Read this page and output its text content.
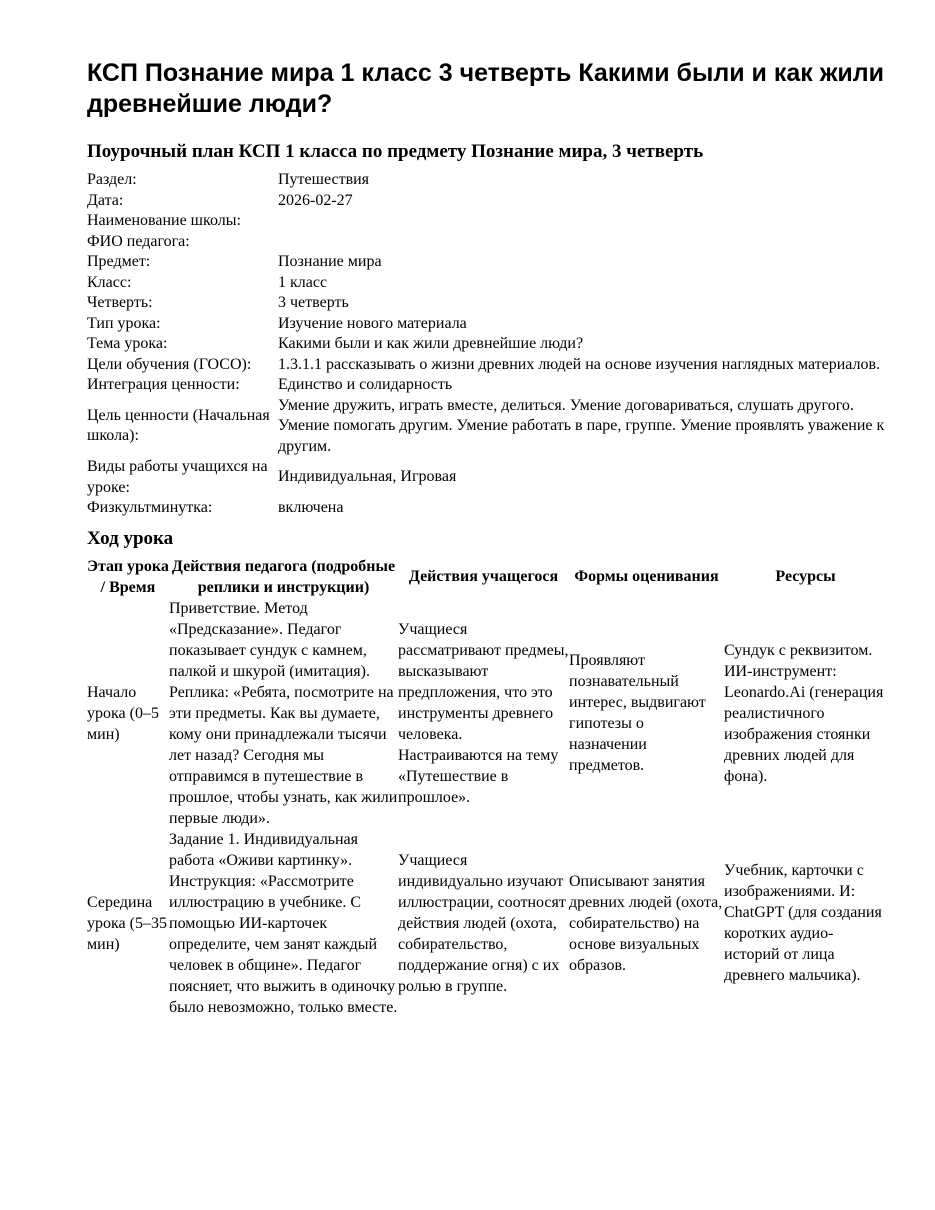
КСП Познание мира 1 класс 3 четверть Какими были и как жили древнейшие люди?
Поурочный план КСП 1 класса по предмету Познание мира, 3 четверть
Раздел:	Путешествия
Дата:	2026-02-27
Наименование школы:	
ФИО педагога:	
Предмет:	Познание мира
Класс:	1 класс
Четверть:	3 четверть
Тип урока:	Изучение нового материала
Тема урока:	Какими были и как жили древнейшие люди?
Цели обучения (ГОСО):	1.3.1.1 рассказывать о жизни древних людей на основе изучения наглядных материалов.
Интеграция ценности:	Единство и солидарность
Цель ценности (Начальная школа):	Умение дружить, играть вместе, делиться. Умение договариваться, слушать другого. Умение помогать другим. Умение работать в паре, группе. Умение проявлять уважение к другим.
Виды работы учащихся на уроке:	Индивидуальная, Игровая
Физкультминутка:	включена
Ход урока
Этап урока / Время	Действия педагога (подробные реплики и инструкции)	Действия учащегося	Формы оценивания	Ресурсы
Начало урока (0–5 мин)	Приветствие. Метод «Предсказание». Педагог показывает сундук с камнем, палкой и шкурой (имитация). Реплика: «Ребята, посмотрите на эти предметы. Как вы думаете, кому они принадлежали тысячи лет назад? Сегодня мы отправимся в путешествие в прошлое, чтобы узнать, как жили первые люди».	Учащиеся рассматривают предмеы, высказывают предпложения, что это инструменты древнего человека. Настраиваются на тему «Путешествие в прошлое».	Проявляют познавательный интерес, выдвигают гипотезы о назначении предметов.	Сундук с реквизитом. ИИ-инструмент: Leonardo.Ai (генерация реалистичного изображения стоянки древних людей для фона).
Середина урока (5–35 мин)	Задание 1. Индивидуальная работа «Оживи картинку». Инструкция: «Рассмотрите иллюстрацию в учебнике. С помощью ИИ-карточек определите, чем занят каждый человек в общине». Педагог поясняет, что выжить в одиночку было невозможно, только вместе.	Учащиеся индивидуально изучают иллюстрации, соотносят действия людей (охота, собирательство, поддержание огня) с их ролью в группе.	Описывают занятия древних людей (охота, собирательство) на основе визуальных образов.	Учебник, карточки с изображениями. И: ChatGPT (для создания коротких аудио-историй от лица древнего мальчика).
